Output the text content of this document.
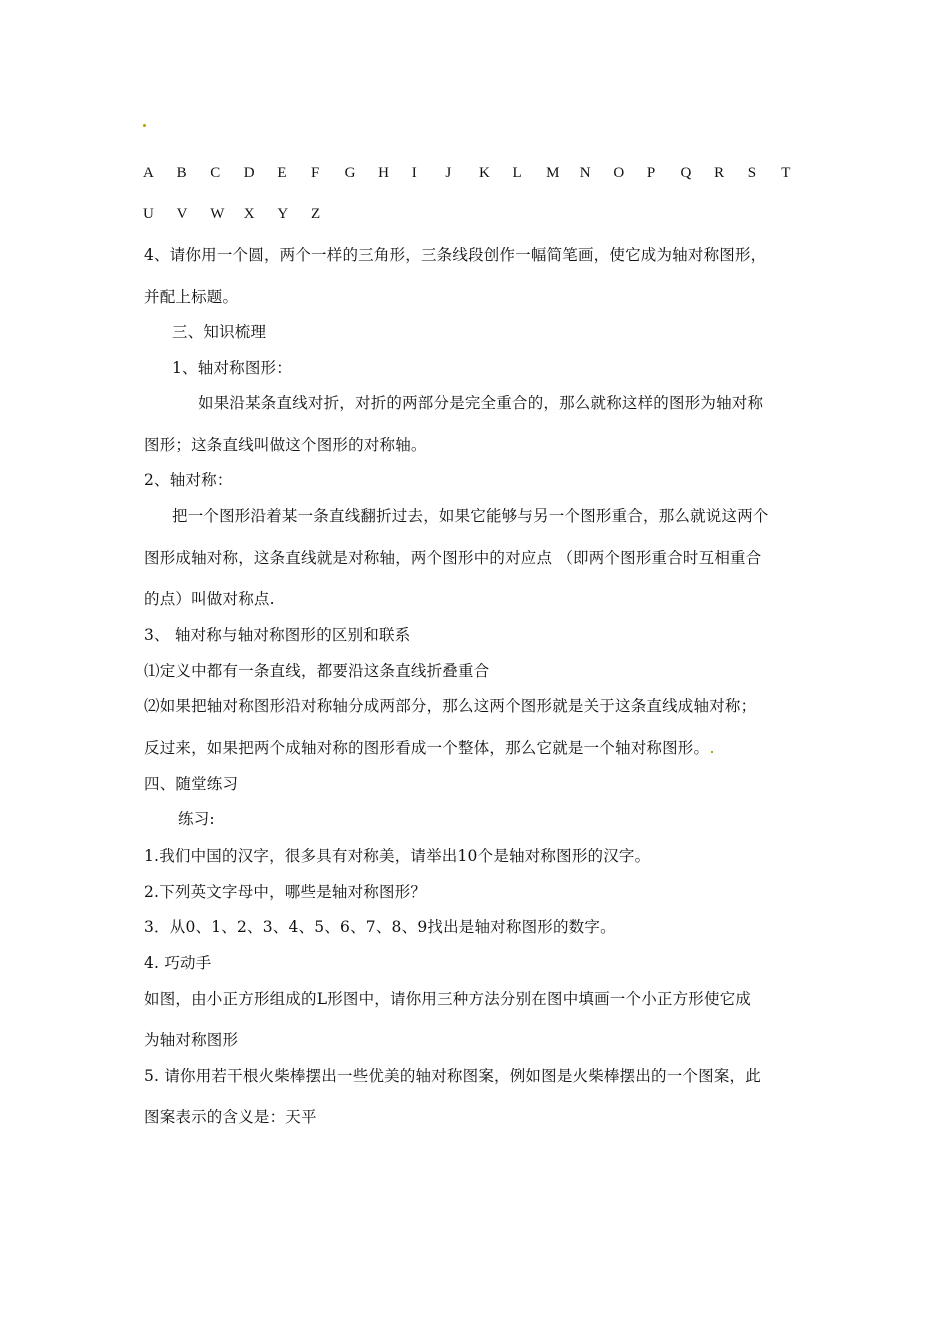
A B C D E F G H I J K L M N O P Q R S T
U V W X Y Z
4、请你用一个圆，两个一样的三角形，三条线段创作一幅简笔画，使它成为轴对称图形，
并配上标题。
三、知识梳理
1、轴对称图形：
如果沿某条直线对折，对折的两部分是完全重合的，那么就称这样的图形为轴对称
图形；这条直线叫做这个图形的对称轴。
2、轴对称：
把一个图形沿着某一条直线翻折过去，如果它能够与另一个图形重合，那么就说这两个
图形成轴对称，这条直线就是对称轴，两个图形中的对应点 （即两个图形重合时互相重合
的点）叫做对称点.
3、 轴对称与轴对称图形的区别和联系
⑴定义中都有一条直线，都要沿这条直线折叠重合
⑵如果把轴对称图形沿对称轴分成两部分，那么这两个图形就是关于这条直线成轴对称；
反过来，如果把两个成轴对称的图形看成一个整体，那么它就是一个轴对称图形。
四、随堂练习
练习:
1.我们中国的汉字，很多具有对称美，请举出10个是轴对称图形的汉字。
2.下列英文字母中，哪些是轴对称图形？
3．从0、1、2、3、4、5、6、7、8、9找出是轴对称图形的数字。
4. 巧动手
如图，由小正方形组成的L形图中，请你用三种方法分别在图中填画一个小正方形使它成
为轴对称图形
5. 请你用若干根火柴棒摆出一些优美的轴对称图案，例如图是火柴棒摆出的一个图案，此
图案表示的含义是：天平
